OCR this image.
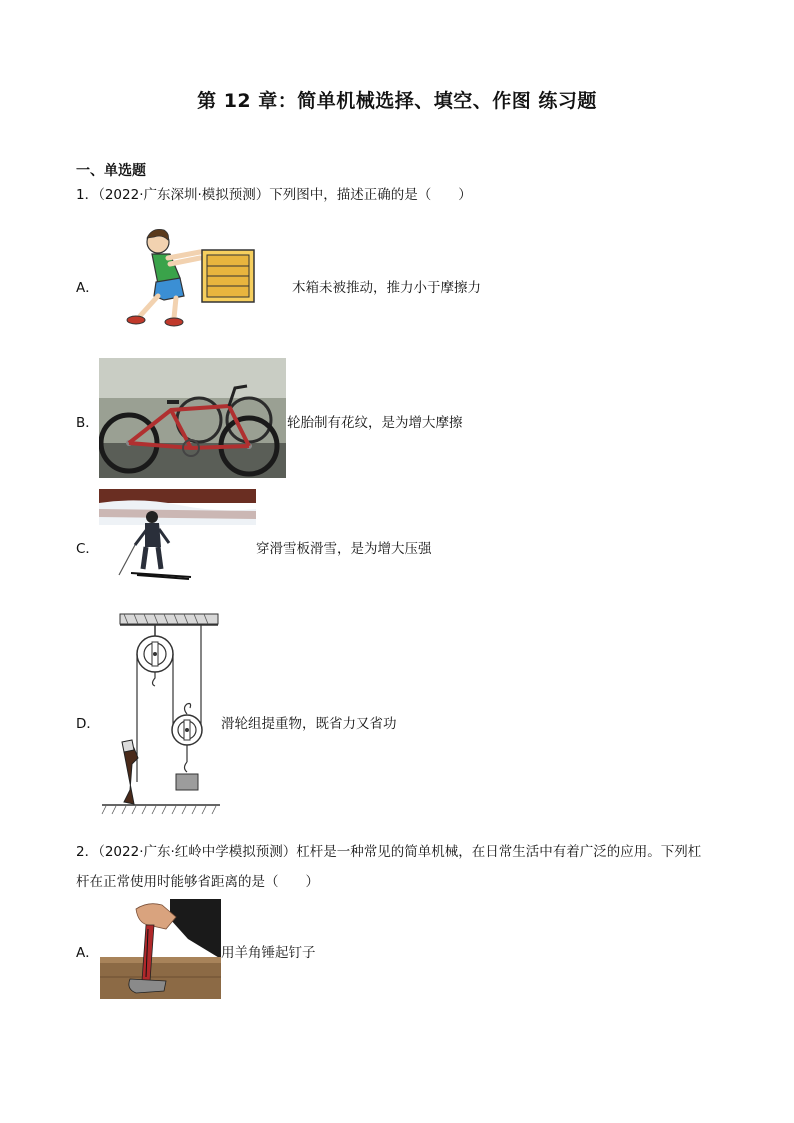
第 12 章：简单机械选择、填空、作图 练习题
一、单选题
1．（2022·广东深圳·模拟预测）下列图中，描述正确的是（　　）
A．	木箱未被推动，推力小于摩擦力
B．	轮胎制有花纹，是为增大摩擦
C．	穿滑雪板滑雪，是为增大压强
D．	滑轮组提重物，既省力又省功
2．（2022·广东·红岭中学模拟预测）杠杆是一种常见的简单机械，在日常生活中有着广泛的应用。下列杠
杆在正常使用时能够省距离的是（　　）
A．	用羊角锤起钉子
